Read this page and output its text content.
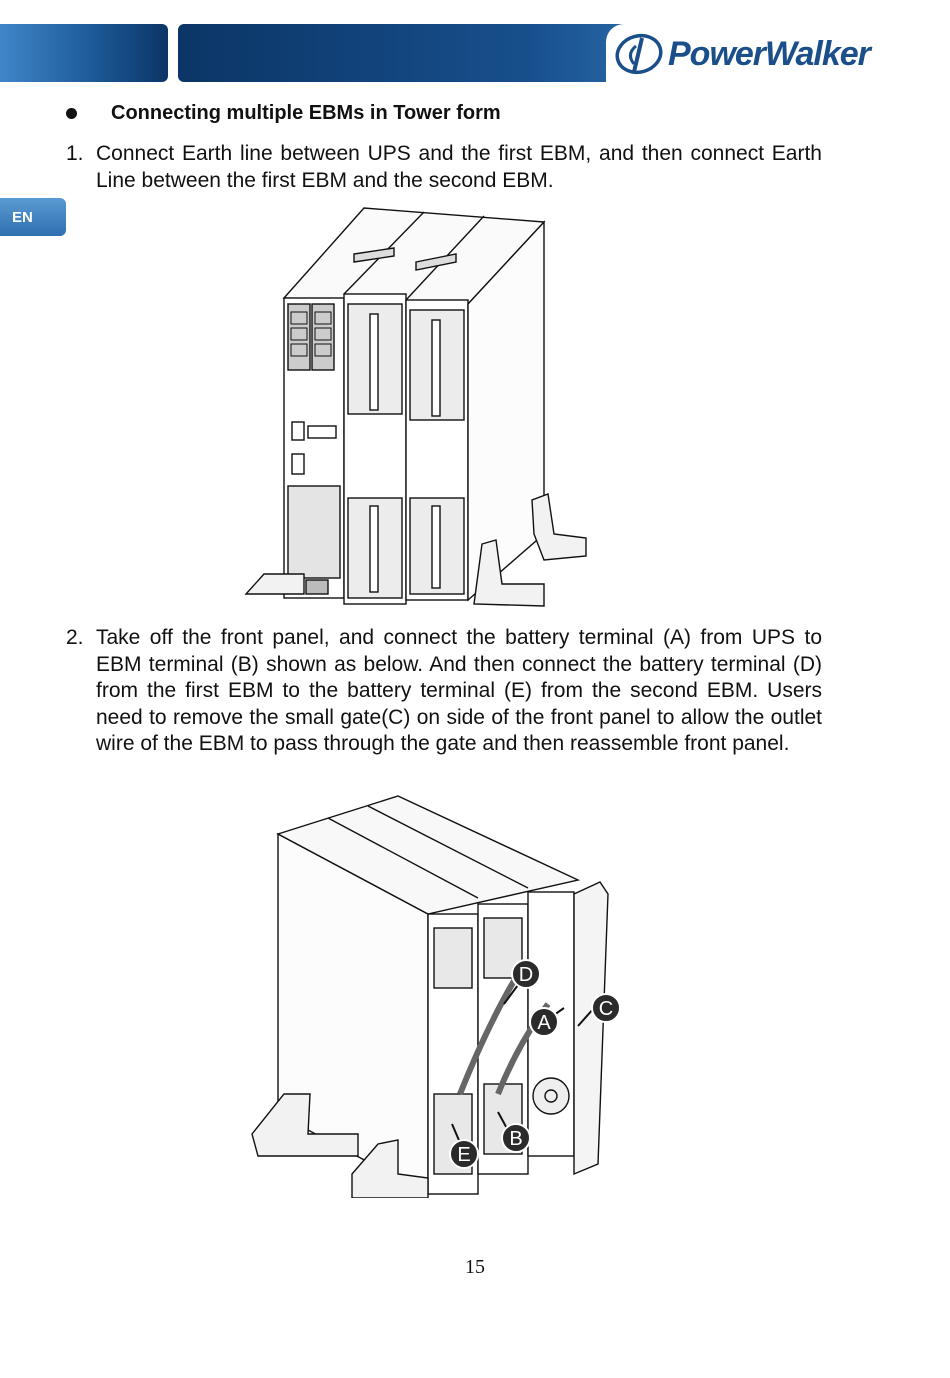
PowerWalker
EN
Connecting multiple EBMs in Tower form
1. Connect Earth line between UPS and the first EBM, and then connect Earth Line between the first EBM and the second EBM.
2. Take off the front panel, and connect the battery terminal (A) from UPS to EBM terminal (B) shown as below. And then connect the battery terminal (D) from the first EBM to the battery terminal (E) from the second EBM. Users need to remove the small gate(C) on side of the front panel to allow the outlet wire of the EBM to pass through the gate and then reassemble front panel.
D
A
C
B
E
15
